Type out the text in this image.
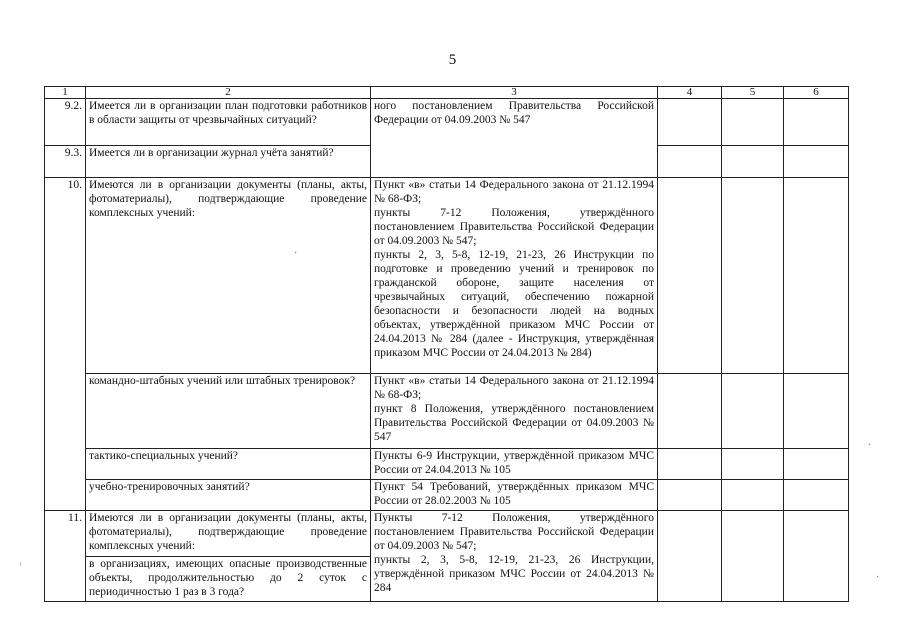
5
1	2	3	4	5	6
9.2.	Имеется ли в организации план подготовки работников в области защиты от чрезвычайных ситуаций?	ного постановлением Правительства Российской Федерации от 04.09.2003 № 547			
9.3.	Имеется ли в организации журнал учёта занятий?				
10.	Имеются ли в организации документы (планы, акты, фотоматериалы), подтверждающие проведение комплексных учений:	Пункт «в» статьи 14 Федерального закона от 21.12.1994 № 68-ФЗ;
пункты 7-12 Положения, утверждённого постановлением Правительства Российской Федерации от 04.09.2003 № 547;
пункты 2, 3, 5-8, 12-19, 21-23, 26 Инструкции по подготовке и проведению учений и тренировок по гражданской обороне, защите населения от чрезвычайных ситуаций, обеспечению пожарной безопасности и безопасности людей на водных объектах, утверждённой приказом МЧС России от 24.04.2013 № 284 (далее - Инструкция, утверждённая приказом МЧС России от 24.04.2013 № 284)			

	командно-штабных учений или штабных тренировок?	Пункт «в» статьи 14 Федерального закона от 21.12.1994 № 68-ФЗ;
пункт 8 Положения, утверждённого постановлением Правительства Российской Федерации от 04.09.2003 № 547			

	тактико-специальных учений?	Пункты 6-9 Инструкции, утверждённой приказом МЧС России от 24.04.2013 № 105			
	учебно-тренировочных занятий?	Пункт 54 Требований, утверждённых приказом МЧС России от 28.02.2003 № 105			
11.	Имеются ли в организации документы (планы, акты, фотоматериалы), подтверждающие проведение комплексных учений:	Пункты 7-12 Положения, утверждённого постановлением Правительства Российской Федерации от 04.09.2003 № 547;
пункты 2, 3, 5-8, 12-19, 21-23, 26 Инструкции, утверждённой приказом МЧС России от 24.04.2013 № 284			

	в организациях, имеющих опасные производственные объекты, продолжительностью до 2 суток с периодичностью 1 раз в 3 года?				
·
·
·
ᶦ
